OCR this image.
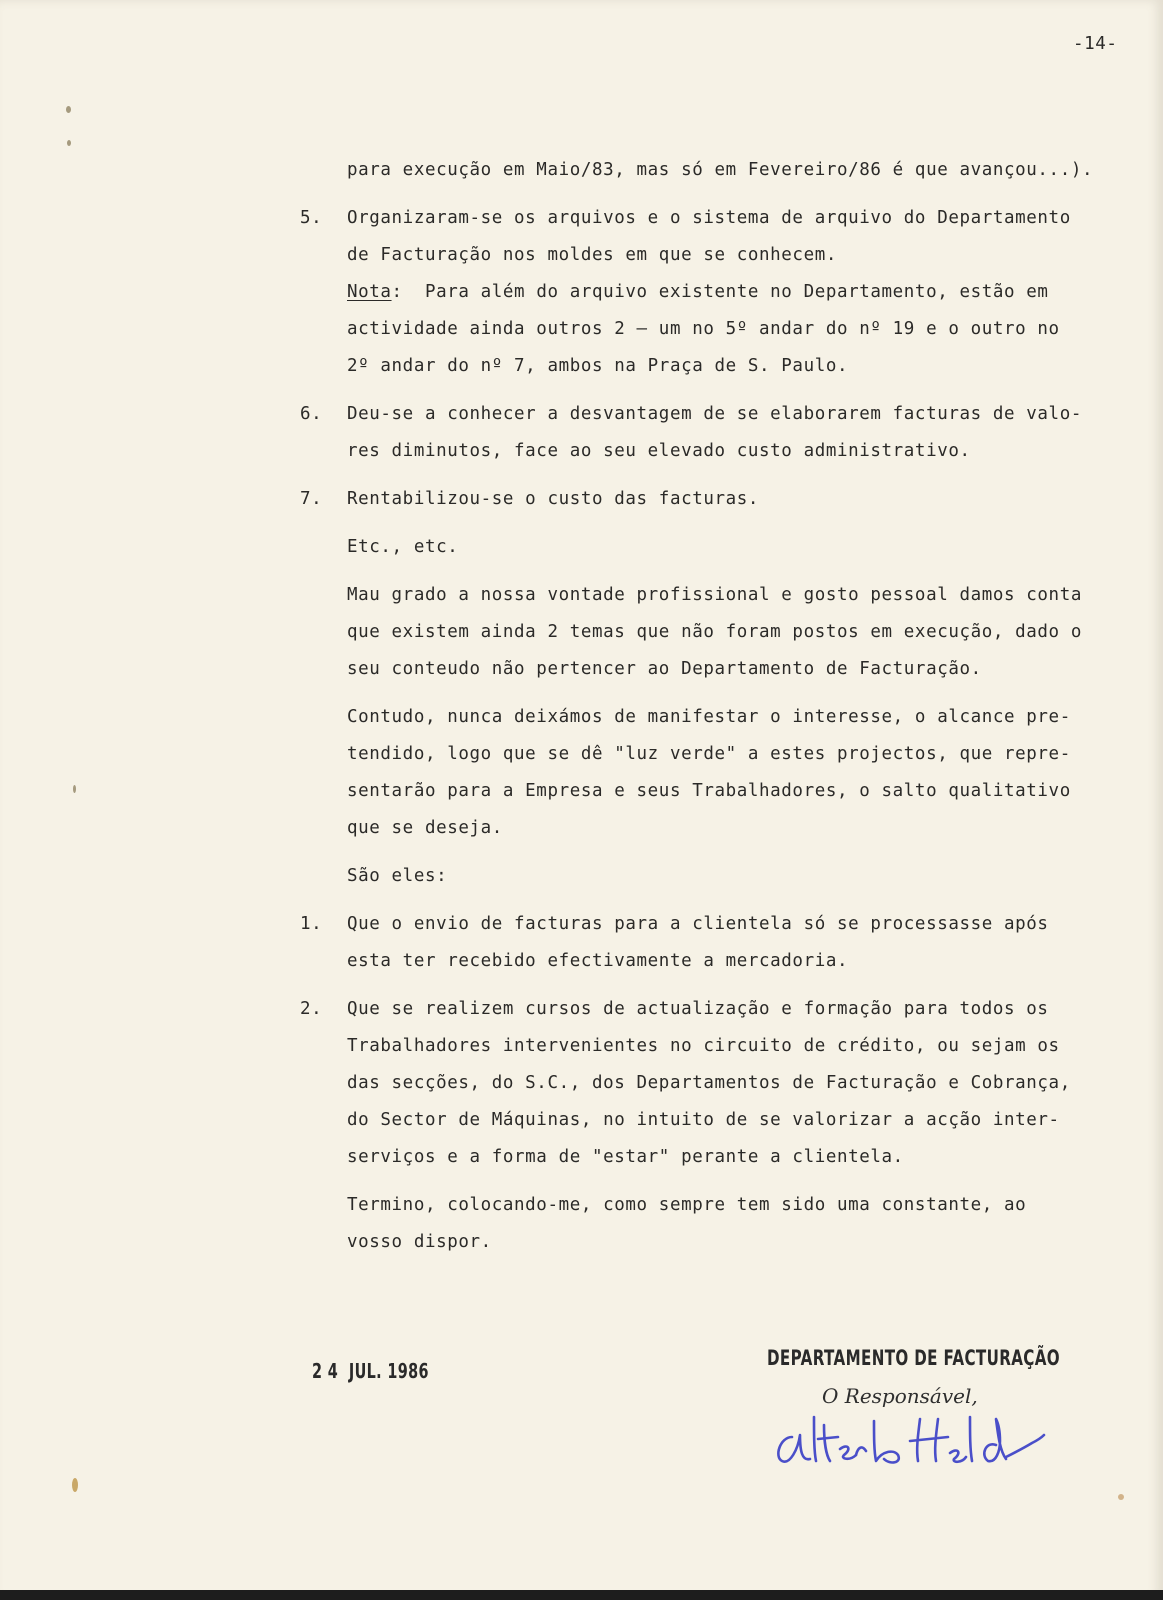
-14-
para execução em Maio/83, mas só em Fevereiro/86 é que avançou...).
5. Organizaram-se os arquivos e o sistema de arquivo do Departamento
de Facturação nos moldes em que se conhecem.
Nota:  Para além do arquivo existente no Departamento, estão em
actividade ainda outros 2 — um no 5º andar do nº 19 e o outro no
2º andar do nº 7, ambos na Praça de S. Paulo.
6. Deu-se a conhecer a desvantagem de se elaborarem facturas de valo-
res diminutos, face ao seu elevado custo administrativo.
7. Rentabilizou-se o custo das facturas.
Etc., etc.
Mau grado a nossa vontade profissional e gosto pessoal damos conta
que existem ainda 2 temas que não foram postos em execução, dado o
seu conteudo não pertencer ao Departamento de Facturação.
Contudo, nunca deixámos de manifestar o interesse, o alcance pre-
tendido, logo que se dê "luz verde" a estes projectos, que repre-
sentarão para a Empresa e seus Trabalhadores, o salto qualitativo
que se deseja.
São eles:
1. Que o envio de facturas para a clientela só se processasse após
esta ter recebido efectivamente a mercadoria.
2. Que se realizem cursos de actualização e formação para todos os
Trabalhadores intervenientes no circuito de crédito, ou sejam os
das secções, do S.C., dos Departamentos de Facturação e Cobrança,
do Sector de Máquinas, no intuito de se valorizar a acção inter-
serviços e a forma de "estar" perante a clientela.
Termino, colocando-me, como sempre tem sido uma constante, ao
vosso dispor.
2 4  JUL. 1986
DEPARTAMENTO DE FACTURAÇÃO
O Responsável,
